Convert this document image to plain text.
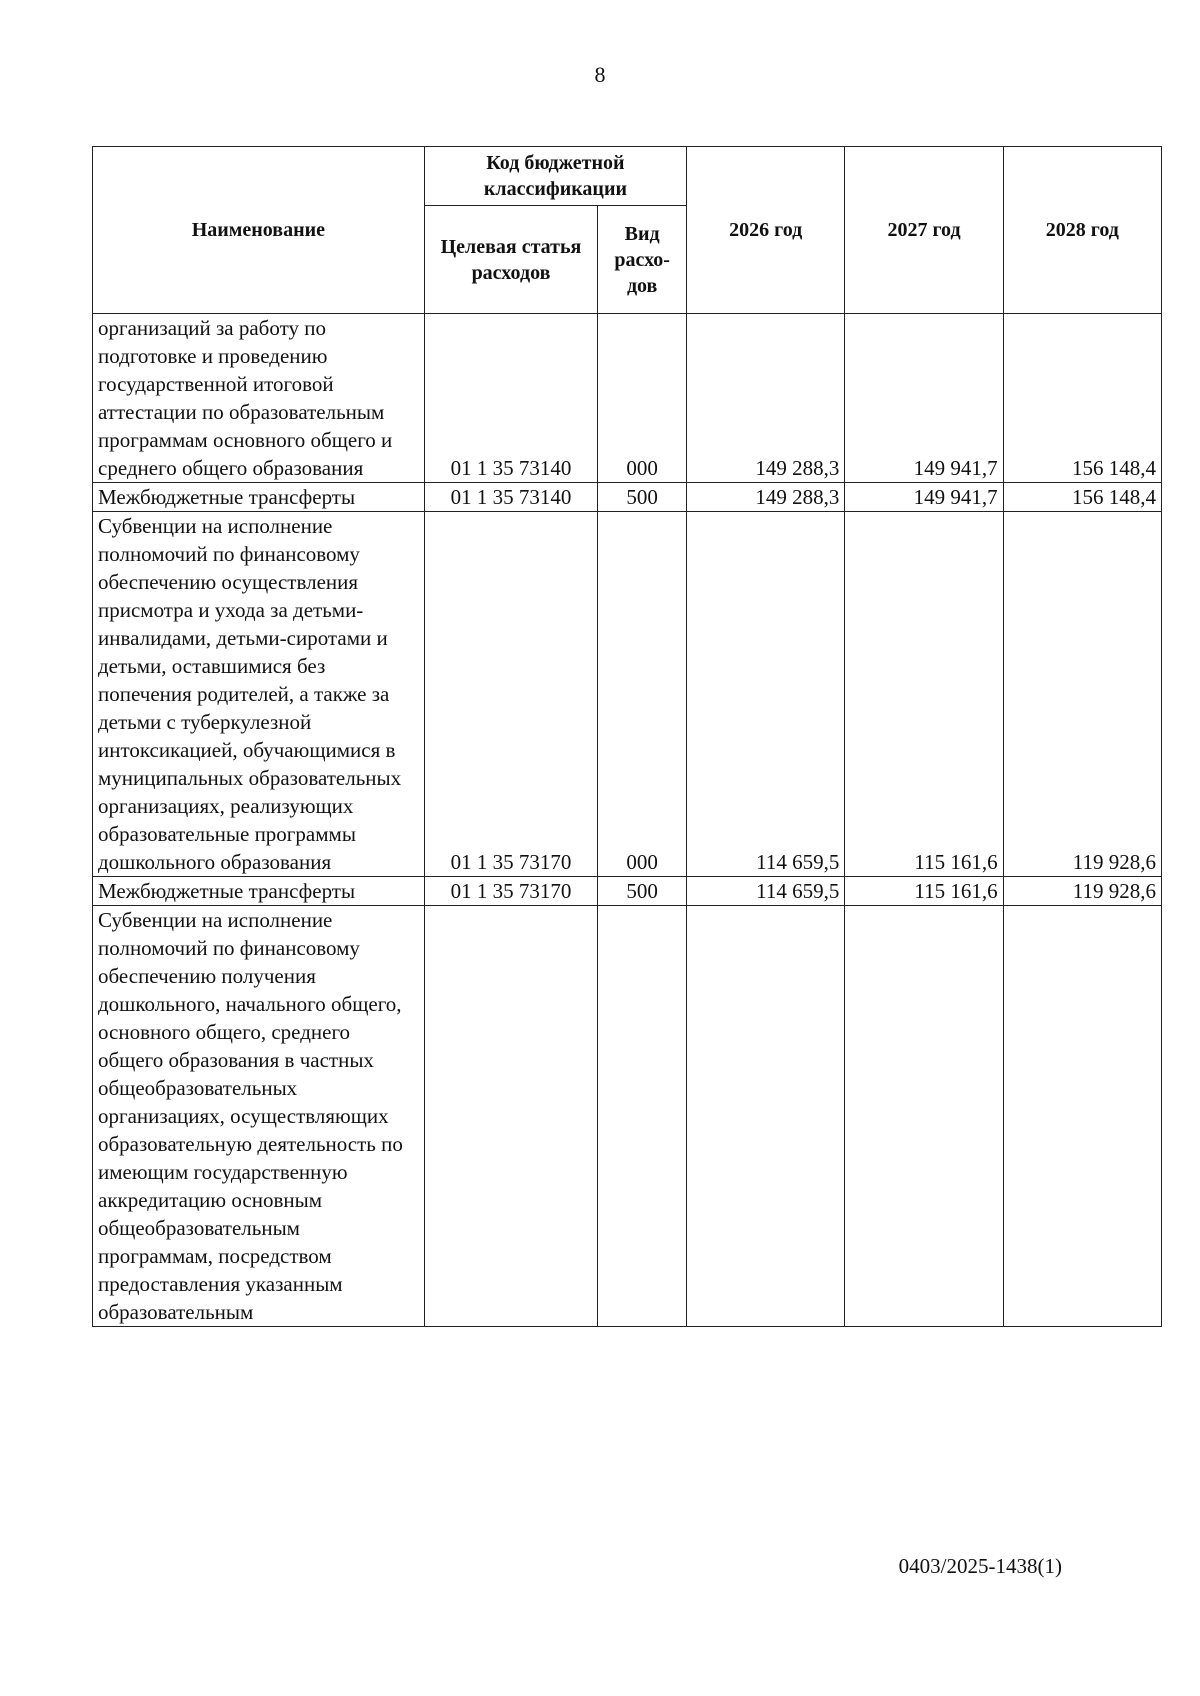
8
Наименование	Код бюджетной классификации		2026 год	2027 год	2028 год
	Целевая статья расходов	Вид расхо-дов			
организаций за работу по подготовке и проведению государственной итоговой аттестации по образовательным программам основного общего и среднего общего образования	01 1 35 73140	000	149 288,3	149 941,7	156 148,4
Межбюджетные трансферты	01 1 35 73140	500	149 288,3	149 941,7	156 148,4
Субвенции на исполнение полномочий по финансовому обеспечению осуществления присмотра и ухода за детьми-инвалидами, детьми-сиротами и детьми, оставшимися без попечения родителей, а также за детьми с туберкулезной интоксикацией, обучающимися в муниципальных образовательных организациях, реализующих образовательные программы дошкольного образования	01 1 35 73170	000	114 659,5	115 161,6	119 928,6
Межбюджетные трансферты	01 1 35 73170	500	114 659,5	115 161,6	119 928,6
Субвенции на исполнение полномочий по финансовому обеспечению получения дошкольного, начального общего, основного общего, среднего общего образования в частных общеобразовательных организациях, осуществляющих образовательную деятельность по имеющим государственную аккредитацию основным общеобразовательным программам, посредством предоставления указанным образовательным					
0403/2025-1438(1)
